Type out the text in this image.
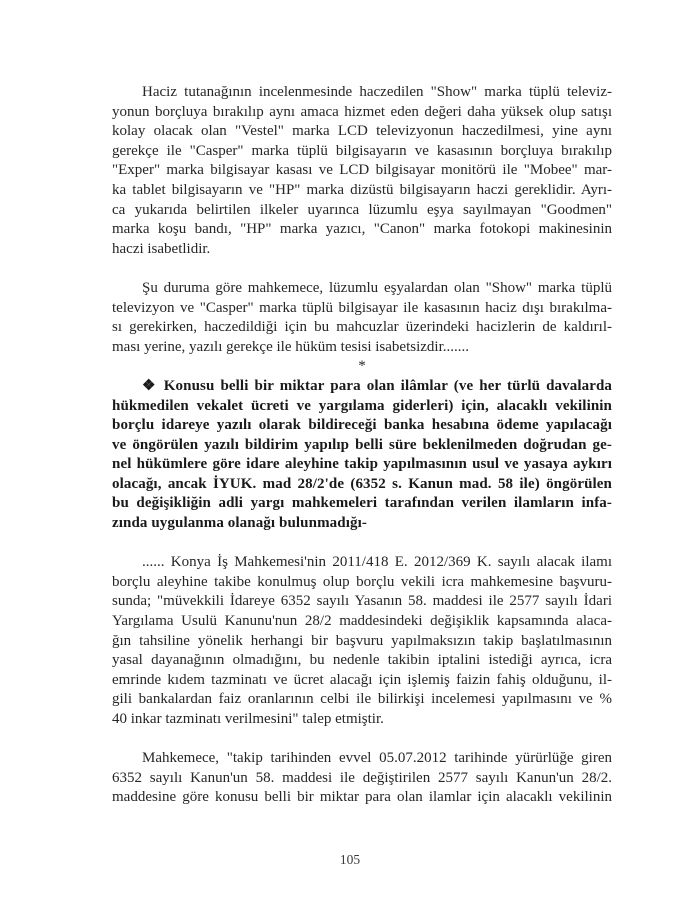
Haciz tutanağının incelenmesinde haczedilen "Show" marka tüplü televiz-
yonun borçluya bırakılıp aynı amaca hizmet eden değeri daha yüksek olup satışı
kolay olacak olan "Vestel" marka LCD televizyonun haczedilmesi, yine aynı
gerekçe ile "Casper" marka tüplü bilgisayarın ve kasasının borçluya bırakılıp
"Exper" marka bilgisayar kasası ve LCD bilgisayar monitörü ile "Mobee" mar-
ka tablet bilgisayarın ve "HP" marka dizüstü bilgisayarın haczi gereklidir. Ayrı-
ca yukarıda belirtilen ilkeler uyarınca lüzumlu eşya sayılmayan "Goodmen"
marka koşu bandı, "HP" marka yazıcı, "Canon" marka fotokopi makinesinin
haczi isabetlidir.
Şu duruma göre mahkemece, lüzumlu eşyalardan olan "Show" marka tüplü
televizyon ve "Casper" marka tüplü bilgisayar ile kasasının haciz dışı bırakılma-
sı gerekirken, haczedildiği için bu mahcuzlar üzerindeki hacizlerin de kaldırıl-
ması yerine, yazılı gerekçe ile hüküm tesisi isabetsizdir.......
*
❖ Konusu belli bir miktar para olan ilâmlar (ve her türlü davalarda
hükmedilen vekalet ücreti ve yargılama giderleri) için, alacaklı vekilinin
borçlu idareye yazılı olarak bildireceği banka hesabına ödeme yapılacağı
ve öngörülen yazılı bildirim yapılıp belli süre beklenilmeden doğrudan ge-
nel hükümlere göre idare aleyhine takip yapılmasının usul ve yasaya aykırı
olacağı, ancak İYUK. mad 28/2'de (6352 s. Kanun mad. 58 ile) öngörülen
bu değişikliğin adli yargı mahkemeleri tarafından verilen ilamların infa-
zında uygulanma olanağı bulunmadığı-
...... Konya İş Mahkemesi'nin 2011/418 E. 2012/369 K. sayılı alacak ilamı
borçlu aleyhine takibe konulmuş olup borçlu vekili icra mahkemesine başvuru-
sunda; "müvekkili İdareye 6352 sayılı Yasanın 58. maddesi ile 2577 sayılı İdari
Yargılama Usulü Kanunu'nun 28/2 maddesindeki değişiklik kapsamında alaca-
ğın tahsiline yönelik herhangi bir başvuru yapılmaksızın takip başlatılmasının
yasal dayanağının olmadığını, bu nedenle takibin iptalini istediği ayrıca, icra
emrinde kıdem tazminatı ve ücret alacağı için işlemiş faizin fahiş olduğunu, il-
gili bankalardan faiz oranlarının celbi ile bilirkişi incelemesi yapılmasını ve %
40 inkar tazminatı verilmesini" talep etmiştir.
Mahkemece, "takip tarihinden evvel 05.07.2012 tarihinde yürürlüğe giren
6352 sayılı Kanun'un 58. maddesi ile değiştirilen 2577 sayılı Kanun'un 28/2.
maddesine göre konusu belli bir miktar para olan ilamlar için alacaklı vekilinin
105
